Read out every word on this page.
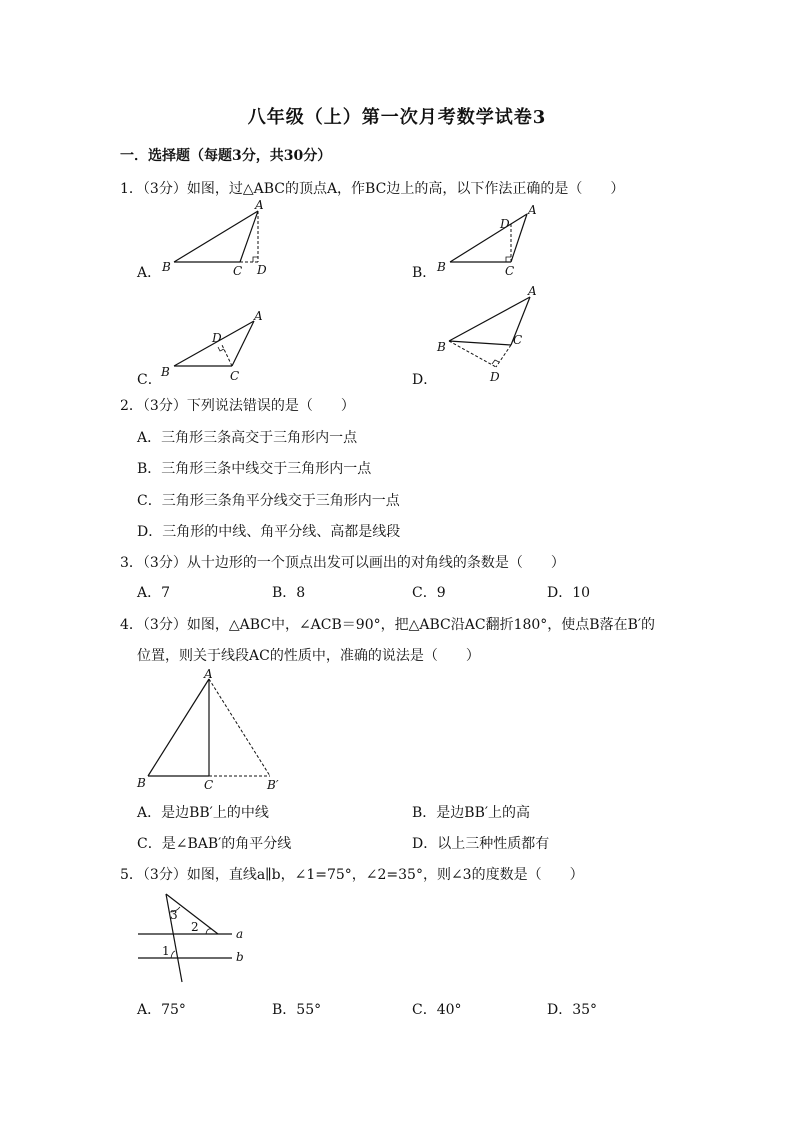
八年级（上）第一次月考数学试卷3
一．选择题（每题3分，共30分）
1．（3分）如图，过△ABC的顶点A，作BC边上的高，以下作法正确的是（　　）
A．
A
B	C D	B．
A
B	C
D
C．
A
B	C
D
D．
A
B	C
D
2．（3分）下列说法错误的是（　　）
A．三角形三条高交于三角形内一点
B．三角形三条中线交于三角形内一点
C．三角形三条角平分线交于三角形内一点
D．三角形的中线、角平分线、高都是线段
3．（3分）从十边形的一个顶点出发可以画出的对角线的条数是（　　）
A．7	B．8	C．9	D．10
4．（3分）如图，△ABC中，∠ACB＝90°，把△ABC沿AC翻折180°，使点B落在B′的
位置，则关于线段AC的性质中，准确的说法是（　　）
A
B	C	B′
A．是边BB′上的中线	B．是边BB′上的高
C．是∠BAB′的角平分线	D．以上三种性质都有
5．（3分）如图，直线a∥b，∠1=75°，∠2=35°，则∠3的度数是（　　）
3
2
1
a
b
A．75°	B．55°	C．40°	D．35°
